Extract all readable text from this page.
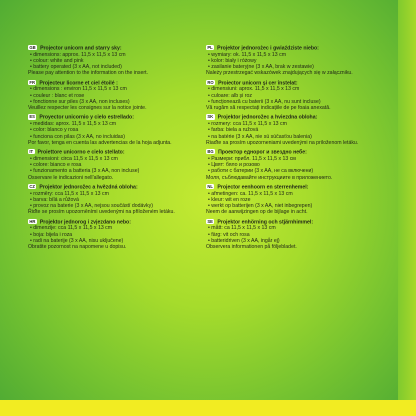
GB Projector unicorn and starry sky:
• dimensions: approx. 11,5 x 11,5 x 13 cm
• colour: white and pink
• battery operated (3 x AA, not included)
Please pay attention to the information on the insert.
FR Projecteur licorne et ciel étoilé :
• dimensions : environ 11,5 x 11,5 x 13 cm
• couleur : blanc et rose
• fonctionne sur piles (3 x AA, non incluses)
Veuillez respecter les consignes sur la notice jointe.
ES Proyector unicornio y cielo estrellado:
• medidas: aprox. 11,5 x 11,5 x 13 cm
• color: blanco y rosa
• funciona con pilas (3 x AA, no incluidas)
Por favor, tenga en cuenta las advertencias de la hoja adjunta.
IT Proiettore unicorno e cielo stellato:
• dimensioni: circa 11,5 x 11,5 x 13 cm
• colore: bianco e rosa
• funzionamento a batteria (3 x AA, non incluse)
Osservare le indicazioni nell'allegato.
CZ Projektor jednorožec a hvězdná obloha:
• rozměry: cca 11,5 x 11,5 x 13 cm
• barva: bílá a růžová
• provoz na baterie (3 x AA, nejsou součástí dodávky)
Řiďte se prosím upozorněními uvedenými na přiloženém letáku.
HR Projektor jednorog i zvjezdano nebo:
• dimenzije: cca 11,5 x 11,5 x 13 cm
• boja: bijela i roza
• radi na baterije (3 x AA, nisu uključene)
Obratite pozornost na napomene u dopisu.
PL Projektor jednorożec i gwiaździste niebo:
• wymiary: ok. 11,5 x 11,5 x 13 cm
• kolor: biały i różowy
• zasilanie bateryjne (3 x AA, brak w zestawie)
Należy przestrzegać wskazówek znajdujących się w załączniku.
RO Proiector unicorn și cer înstelat:
• dimensiuni: aprox. 11,5 x 11,5 x 13 cm
• culoare: alb și roz
• funcționează cu baterii (3 x AA, nu sunt incluse)
Vă rugăm să respectați indicațiile de pe foaia anexată.
SK Projektor jednorožec a hviezdna obloha:
• rozmery: cca 11,5 x 11,5 x 13 cm
• farba: biela a ružová
• na batérie (3 x AA, nie sú súčasťou balenia)
Riaďte sa prosím upozorneniami uvedenými na priloženom letáku.
BG Проектор еднорог и звездно небе:
• Размери: прибл. 11,5 x 11,5 x 13 см
• Цвят: бяло и розово
• работи с батерии (3 x AA, не са включени)
Моля, съблюдавайте инструкциите в приложението.
NL Projector eenhoorn en sterrenhemel:
• afmetingen: ca. 11,5 x 11,5 x 13 cm
• kleur: wit en roze
• werkt op batterijen (3 x AA, niet inbegrepen)
Neem de aanwijzingen op de bijlage in acht.
SE Projektor enhörning och stjärnhimmel:
• mått: ca 11,5 x 11,5 x 13 cm
• färg: vit och rosa
• batteridriven (3 x AA, ingår ej)
Observera informationen på följebladet.
